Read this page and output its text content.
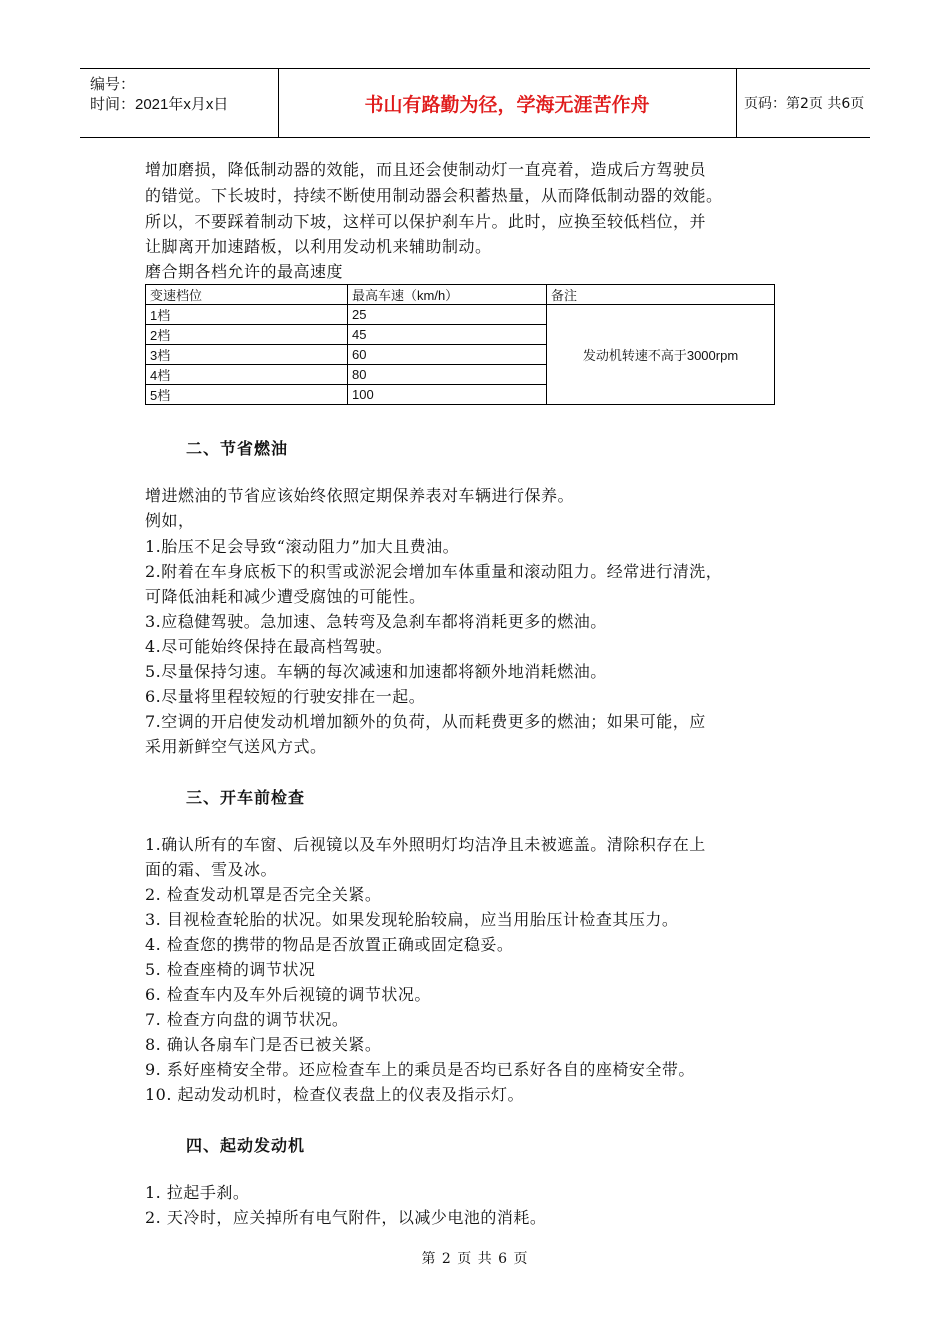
编号：
时间：2021年x月x日	书山有路勤为径，学海无涯苦作舟	页码：第2页 共6页
增加磨损，降低制动器的效能，而且还会使制动灯一直亮着，造成后方驾驶员
的错觉。下长坡时，持续不断使用制动器会积蓄热量，从而降低制动器的效能。
所以，不要踩着制动下坡，这样可以保护刹车片。此时，应换至较低档位，并
让脚离开加速踏板，以利用发动机来辅助制动。
磨合期各档允许的最高速度
变速档位	最高车速（km/h）	备注
1档	25	发动机转速不高于3000rpm
2档	45	
3档	60	
4档	80	
5档	100	
二、节省燃油
增进燃油的节省应该始终依照定期保养表对车辆进行保养。
例如，
1.胎压不足会导致“滚动阻力”加大且费油。
2.附着在车身底板下的积雪或淤泥会增加车体重量和滚动阻力。经常进行清洗，
可降低油耗和减少遭受腐蚀的可能性。
3.应稳健驾驶。急加速、急转弯及急刹车都将消耗更多的燃油。
4.尽可能始终保持在最高档驾驶。
5.尽量保持匀速。车辆的每次减速和加速都将额外地消耗燃油。
6.尽量将里程较短的行驶安排在一起。
7.空调的开启使发动机增加额外的负荷，从而耗费更多的燃油；如果可能，应
采用新鲜空气送风方式。
三、开车前检查
1.确认所有的车窗、后视镜以及车外照明灯均洁净且未被遮盖。清除积存在上
面的霜、雪及冰。
2. 检查发动机罩是否完全关紧。
3. 目视检查轮胎的状况。如果发现轮胎较扁，应当用胎压计检查其压力。
4. 检查您的携带的物品是否放置正确或固定稳妥。
5. 检查座椅的调节状况
6. 检查车内及车外后视镜的调节状况。
7. 检查方向盘的调节状况。
8. 确认各扇车门是否已被关紧。
9. 系好座椅安全带。还应检查车上的乘员是否均已系好各自的座椅安全带。
10. 起动发动机时，检查仪表盘上的仪表及指示灯。
四、起动发动机
1. 拉起手刹。
2. 天冷时，应关掉所有电气附件，以减少电池的消耗。
第 2 页 共 6 页
